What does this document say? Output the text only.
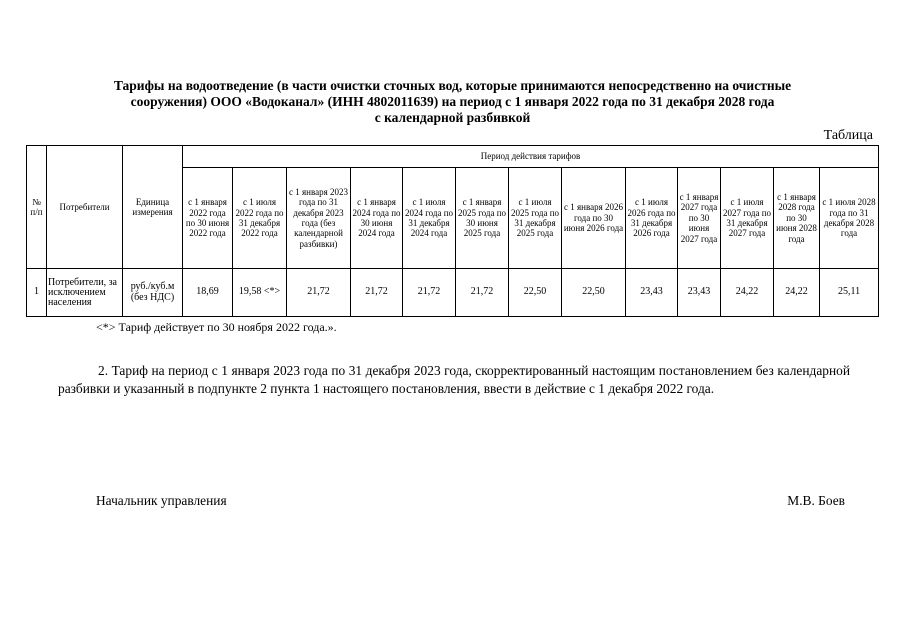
Тарифы на водоотведение (в части очистки сточных вод, которые принимаются непосредственно на очистные
сооружения) ООО «Водоканал» (ИНН 4802011639) на период с 1 января 2022 года по 31 декабря 2028 года
с календарной разбивкой
Таблица
№ п/п	Потребители	Единица измерения	Период действия тарифов												
			с 1 января 2022 года по 30 июня 2022 года	с 1 июля 2022 года по 31 декабря 2022 года	с 1 января 2023 года по 31 декабря 2023 года (без календарной разбивки)	с 1 января 2024 года по 30 июня 2024 года	с 1 июля 2024 года по 31 декабря 2024 года	с 1 января 2025 года по 30 июня 2025 года	с 1 июля 2025 года по 31 декабря 2025 года	с 1 января 2026 года по 30 июня 2026 года	с 1 июля 2026 года по 31 декабря 2026 года	с 1 января 2027 года по 30 июня 2027 года	с 1 июля 2027 года по 31 декабря 2027 года	с 1 января 2028 года по 30 июня 2028 года	с 1 июля 2028 года по 31 декабря 2028 года
1	Потребители, за исключением населения	руб./куб.м (без НДС)	18,69	19,58 <*>	21,72	21,72	21,72	21,72	22,50	22,50	23,43	23,43	24,22	24,22	25,11
<*> Тариф действует по 30 ноября 2022 года.».
2. Тариф на период с 1 января 2023 года по 31 декабря 2023 года, скорректированный настоящим постановлением без календарной разбивки и указанный в подпункте 2 пункта 1 настоящего постановления, ввести в действие с 1 декабря 2022 года.
Начальник управления	М.В. Боев
